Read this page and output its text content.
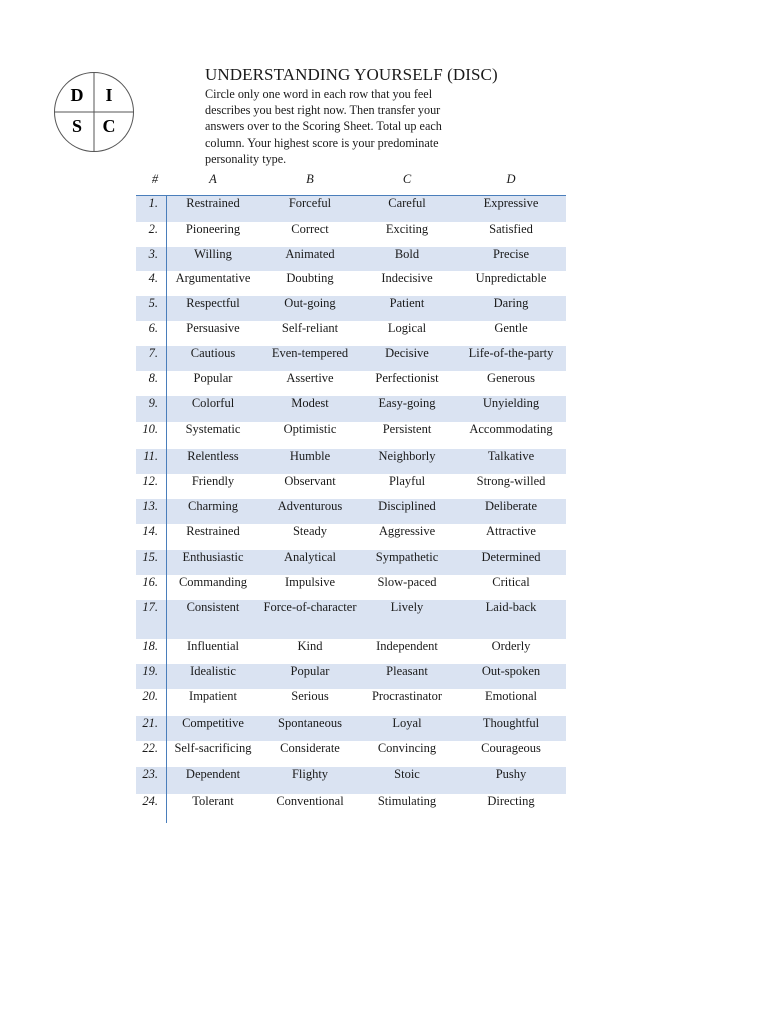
D I
S C
UNDERSTANDING YOURSELF (DISC)
Circle only one word in each row that you feel describes you best right now. Then transfer your answers over to the Scoring Sheet. Total up each column. Your highest score is your predominate personality type.
#	A	B	C	D
1.	Restrained	Forceful	Careful	Expressive
2.	Pioneering	Correct	Exciting	Satisfied
3.	Willing	Animated	Bold	Precise
4.	Argumentative	Doubting	Indecisive	Unpredictable
5.	Respectful	Out-going	Patient	Daring
6.	Persuasive	Self-reliant	Logical	Gentle
7.	Cautious	Even-tempered	Decisive	Life-of-the-party
8.	Popular	Assertive	Perfectionist	Generous
9.	Colorful	Modest	Easy-going	Unyielding
10.	Systematic	Optimistic	Persistent	Accommodating
11.	Relentless	Humble	Neighborly	Talkative
12.	Friendly	Observant	Playful	Strong-willed
13.	Charming	Adventurous	Disciplined	Deliberate
14.	Restrained	Steady	Aggressive	Attractive
15.	Enthusiastic	Analytical	Sympathetic	Determined
16.	Commanding	Impulsive	Slow-paced	Critical
17.	Consistent	Force-of-character	Lively	Laid-back
18.	Influential	Kind	Independent	Orderly
19.	Idealistic	Popular	Pleasant	Out-spoken
20.	Impatient	Serious	Procrastinator	Emotional
21.	Competitive	Spontaneous	Loyal	Thoughtful
22.	Self-sacrificing	Considerate	Convincing	Courageous
23.	Dependent	Flighty	Stoic	Pushy
24.	Tolerant	Conventional	Stimulating	Directing
